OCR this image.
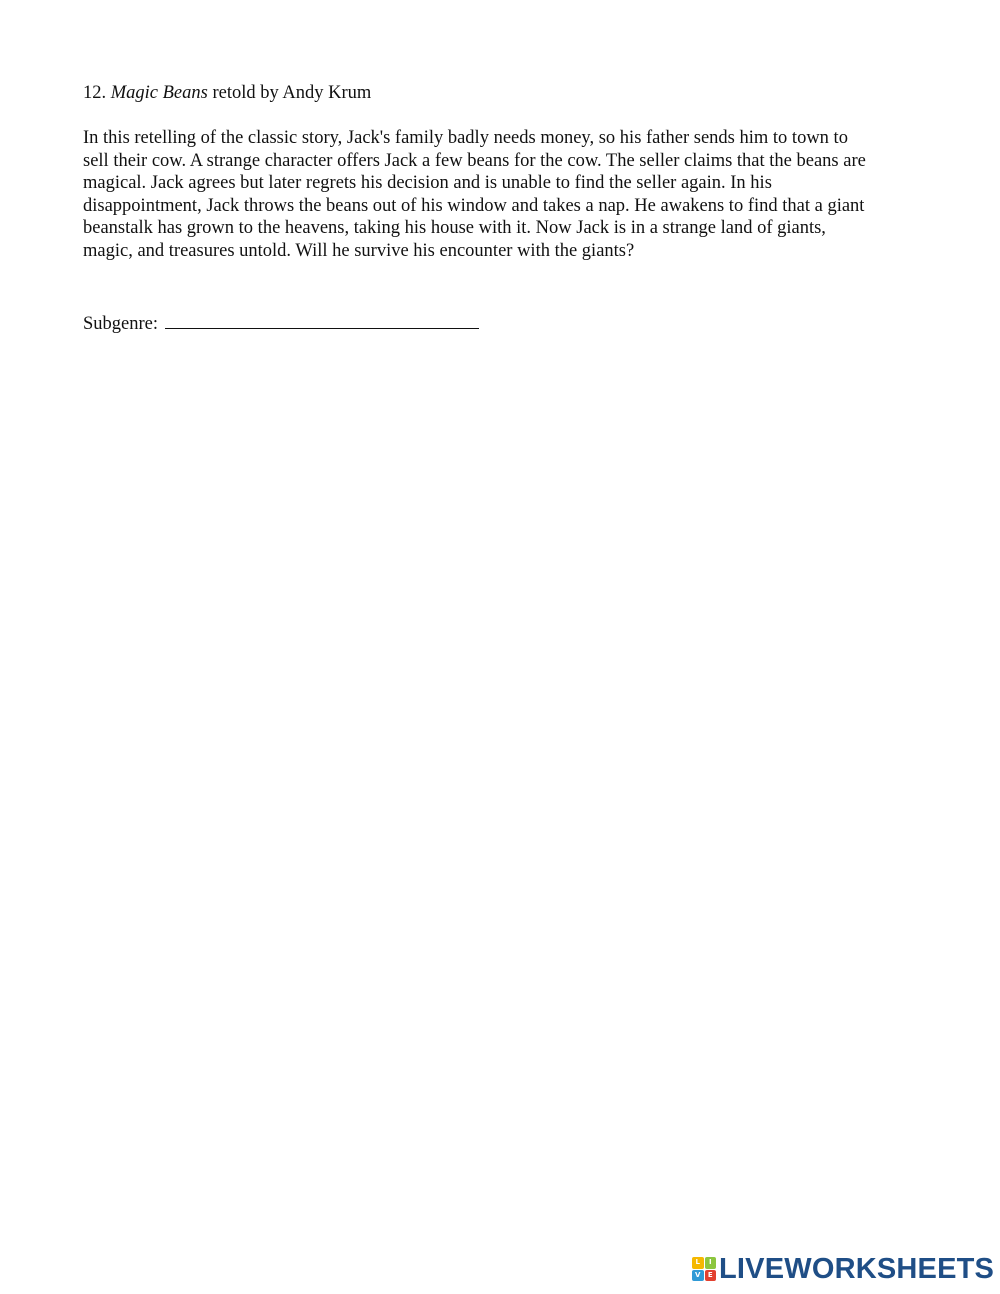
12. Magic Beans retold by Andy Krum
In this retelling of the classic story, Jack's family badly needs money, so his father sends him to town to
sell their cow. A strange character offers Jack a few beans for the cow. The seller claims that the beans are
magical. Jack agrees but later regrets his decision and is unable to find the seller again. In his
disappointment, Jack throws the beans out of his window and takes a nap. He awakens to find that a giant
beanstalk has grown to the heavens, taking his house with it. Now Jack is in a strange land of giants,
magic, and treasures untold. Will he survive his encounter with the giants?
Subgenre:
L	I
V	E LIVEWORKSHEETS
